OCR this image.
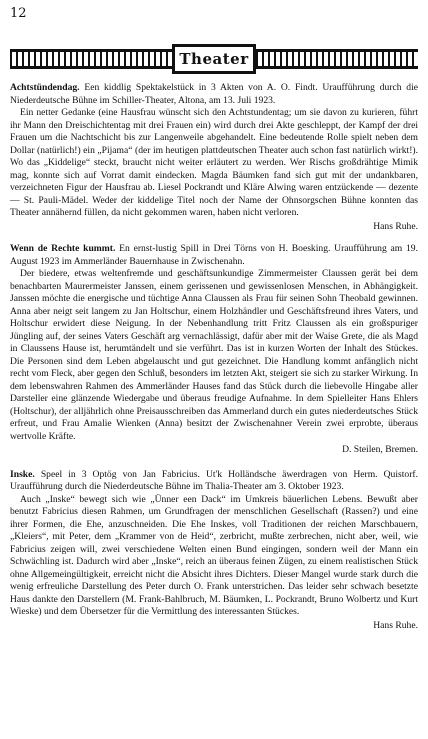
12
Theater

Achtstündendag. Een kiddlig Spektakelstück in 3 Akten von A. O. Findt. Uraufführung durch die Niederdeutsche Bühne im Schiller-Theater, Altona, am 13. Juli 1923.

Ein netter Gedanke (eine Hausfrau wünscht sich den Achtstundentag; um sie davon zu kurieren, führt ihr Mann den Dreischichtentag mit drei Frauen ein) wird durch drei Akte geschleppt, der Kampf der drei Frauen um die Nachtschicht bis zur Langenweile abgehandelt. Eine bedeutende Rolle spielt neben dem Dollar (natürlich!) ein „Pijama“ (der im heutigen plattdeutschen Theater auch schon fast natürlich wirkt!). Wo das „Kiddelige“ steckt, braucht nicht weiter erläutert zu werden. Wer Rischs großdrähtige Mimik mag, konnte sich auf Vorrat damit eindecken. Magda Bäumken fand sich gut mit der undankbaren, verzeichneten Figur der Hausfrau ab. Liesel Pockrandt und Kläre Alwing waren entzückende — dezente — St. Pauli-Mädel. Weder der kiddelige Titel noch der Name der Ohnsorgschen Bühne konnten das Theater annähernd füllen, da nicht gekommen waren, haben nicht verloren.

Hans Ruhe.

Wenn de Rechte kummt. En ernst-lustig Spill in Drei Törns von H. Boesking. Uraufführung am 19. August 1923 im Ammerländer Bauernhause in Zwischenahn.

Der biedere, etwas weltenfremde und geschäftsunkundige Zimmermeister Claussen gerät bei dem benachbarten Maurermeister Janssen, einem gerissenen und gewissenlosen Menschen, in Abhängigkeit. Janssen möchte die energische und tüchtige Anna Claussen als Frau für seinen Sohn Theobald gewinnen. Anna aber neigt seit langem zu Jan Holtschur, einem Holzhändler und Geschäftsfreund ihres Vaters, und Holtschur erwidert diese Neigung. In der Nebenhandlung tritt Fritz Claussen als ein großspuriger Jüngling auf, der seines Vaters Geschäft arg vernachlässigt, dafür aber mit der Waise Grete, die als Magd in Claussens Hause ist, herumtändelt und sie verführt. Das ist in kurzen Worten der Inhalt des Stückes. Die Personen sind dem Leben abgelauscht und gut gezeichnet. Die Handlung kommt anfänglich nicht recht vom Fleck, aber gegen den Schluß, besonders im letzten Akt, steigert sie sich zu starker Wirkung. In dem lebenswahren Rahmen des Ammerländer Hauses fand das Stück durch die liebevolle Hingabe aller Darsteller eine glänzende Wiedergabe und überaus freudige Aufnahme. In dem Spielleiter Hans Ehlers (Holtschur), der alljährlich ohne Preisausschreiben das Ammerland durch ein gutes niederdeutsches Stück erfreut, und Frau Amalie Wienken (Anna) besitzt der Zwischenahner Verein zwei erprobte, überaus wertvolle Kräfte.

D. Steilen, Bremen.

Inske. Speel in 3 Optög von Jan Fabricius. Ut'k Holländsche äwerdragen von Herm. Quistorf. Uraufführung durch die Niederdeutsche Bühne im Thalia-Theater am 3. Oktober 1923.

Auch „Inske“ bewegt sich wie „Ünner een Dack“ im Umkreis bäuerlichen Lebens. Bewußt aber benutzt Fabricius diesen Rahmen, um Grundfragen der menschlichen Gesellschaft (Rassen?) und eine ihrer Formen, die Ehe, anzuschneiden. Die Ehe Inskes, voll Traditionen der reichen Marschbauern, „Kleiers“, mit Peter, dem „Krammer von de Heid“, zerbricht, mußte zerbrechen, nicht aber, weil, wie Fabricius zeigen will, zwei verschiedene Welten einen Bund eingingen, sondern weil der Mann ein Schwächling ist. Dadurch wird aber „Inske“, reich an überaus feinen Zügen, zu einem realistischen Stück ohne Allgemeingültigkeit, erreicht nicht die Absicht ihres Dichters. Dieser Mangel wurde stark durch die wenig erfreuliche Darstellung des Peter durch O. Frank unterstrichen. Das leider sehr schwach besetzte Haus dankte den Darstellern (M. Frank-Bahlbruch, M. Bäumken, L. Pockrandt, Bruno Wolbertz und Kurt Wieske) und dem Übersetzer für die Vermittlung des interessanten Stückes.

Hans Ruhe.
